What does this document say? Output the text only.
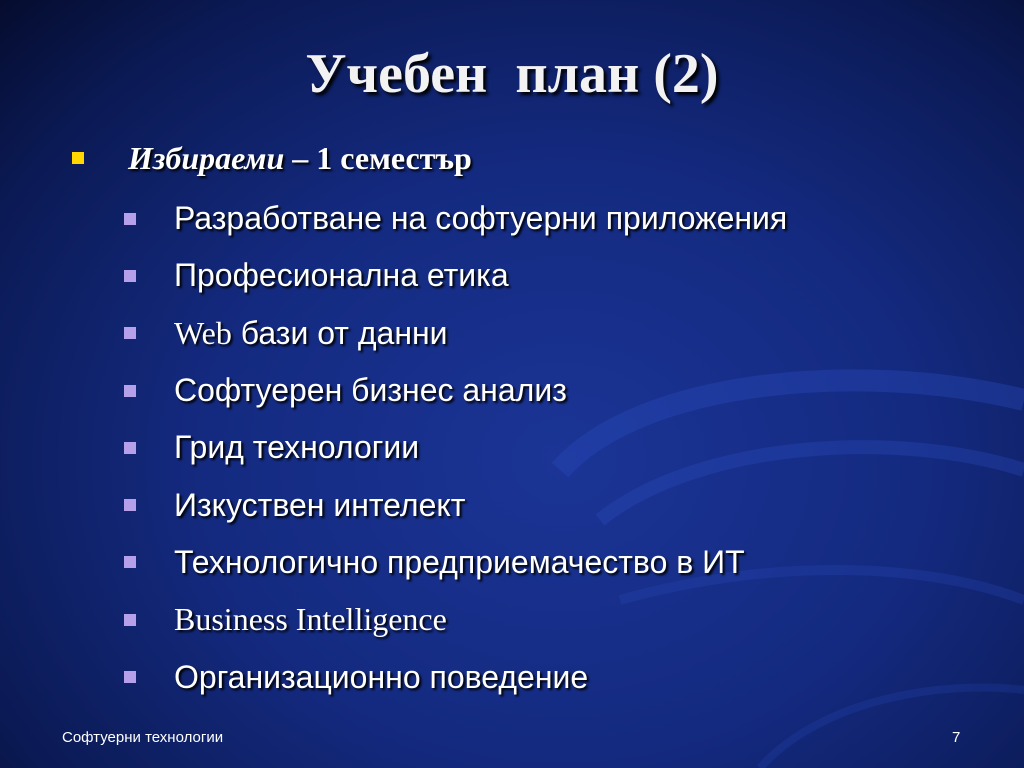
Учебен  план (2)
Избираеми – 1 семестър
Разработване на софтуерни приложения
Професионална етика
Web бази от данни
Софтуерен бизнес анализ
Грид технологии
Изкуствен интелект
Технологично предприемачество в ИТ
Business Intelligence
Организационно поведение
Софтуерни технологии	7
